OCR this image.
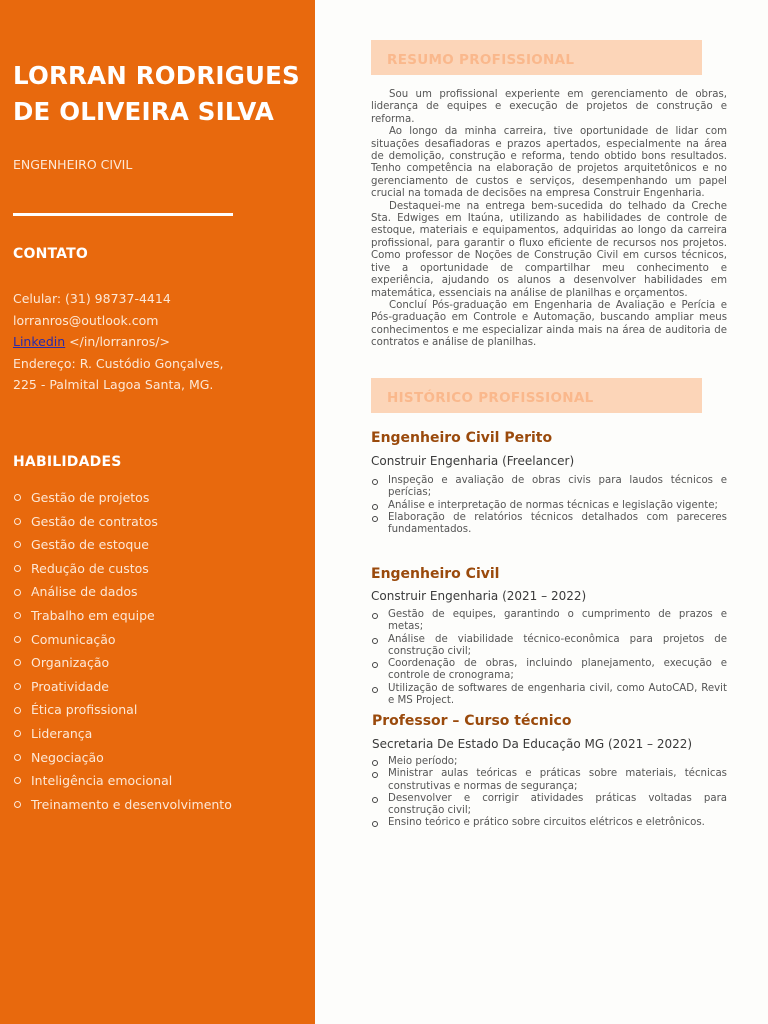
LORRAN RODRIGUES DE OLIVEIRA SILVA
ENGENHEIRO CIVIL
CONTATO
Celular: (31) 98737-4414
lorranros@outlook.com
Linkedin </in/lorranros/>
Endereço: R. Custódio Gonçalves,
225 - Palmital Lagoa Santa, MG.
HABILIDADES
Gestão de projetos
Gestão de contratos
Gestão de estoque
Redução de custos
Análise de dados
Trabalho em equipe
Comunicação
Organização
Proatividade
Ética profissional
Liderança
Negociação
Inteligência emocional
Treinamento e desenvolvimento
RESUMO PROFISSIONAL

Sou um profissional experiente em gerenciamento de obras, liderança de equipes e execução de projetos de construção e reforma.

Ao longo da minha carreira, tive oportunidade de lidar com situações desafiadoras e prazos apertados, especialmente na área de demolição, construção e reforma, tendo obtido bons resultados. Tenho competência na elaboração de projetos arquitetônicos e no gerenciamento de custos e serviços, desempenhando um papel crucial na tomada de decisões na empresa Construir Engenharia.

Destaquei-me na entrega bem-sucedida do telhado da Creche Sta. Edwiges em Itaúna, utilizando as habilidades de controle de estoque, materiais e equipamentos, adquiridas ao longo da carreira profissional, para garantir o fluxo eficiente de recursos nos projetos. Como professor de Noções de Construção Civil em cursos técnicos, tive a oportunidade de compartilhar meu conhecimento e experiência, ajudando os alunos a desenvolver habilidades em matemática, essenciais na análise de planilhas e orçamentos.

Concluí Pós-graduação em Engenharia de Avaliação e Perícia e Pós-graduação em Controle e Automação, buscando ampliar meus conhecimentos e me especializar ainda mais na área de auditoria de contratos e análise de planilhas.

HISTÓRICO PROFISSIONAL
Engenheiro Civil Perito
Construir Engenharia (Freelancer)
Inspeção e avaliação de obras civis para laudos técnicos e perícias;
Análise e interpretação de normas técnicas e legislação vigente;
Elaboração de relatórios técnicos detalhados com pareceres fundamentados.
Engenheiro Civil
Construir Engenharia (2021 – 2022)
Gestão de equipes, garantindo o cumprimento de prazos e metas;
Análise de viabilidade técnico-econômica para projetos de construção civil;
Coordenação de obras, incluindo planejamento, execução e controle de cronograma;
Utilização de softwares de engenharia civil, como AutoCAD, Revit e MS Project.
Professor – Curso técnico
Secretaria De Estado Da Educação MG (2021 – 2022)
Meio período;
Ministrar aulas teóricas e práticas sobre materiais, técnicas construtivas e normas de segurança;
Desenvolver e corrigir atividades práticas voltadas para construção civil;
Ensino teórico e prático sobre circuitos elétricos e eletrônicos.
